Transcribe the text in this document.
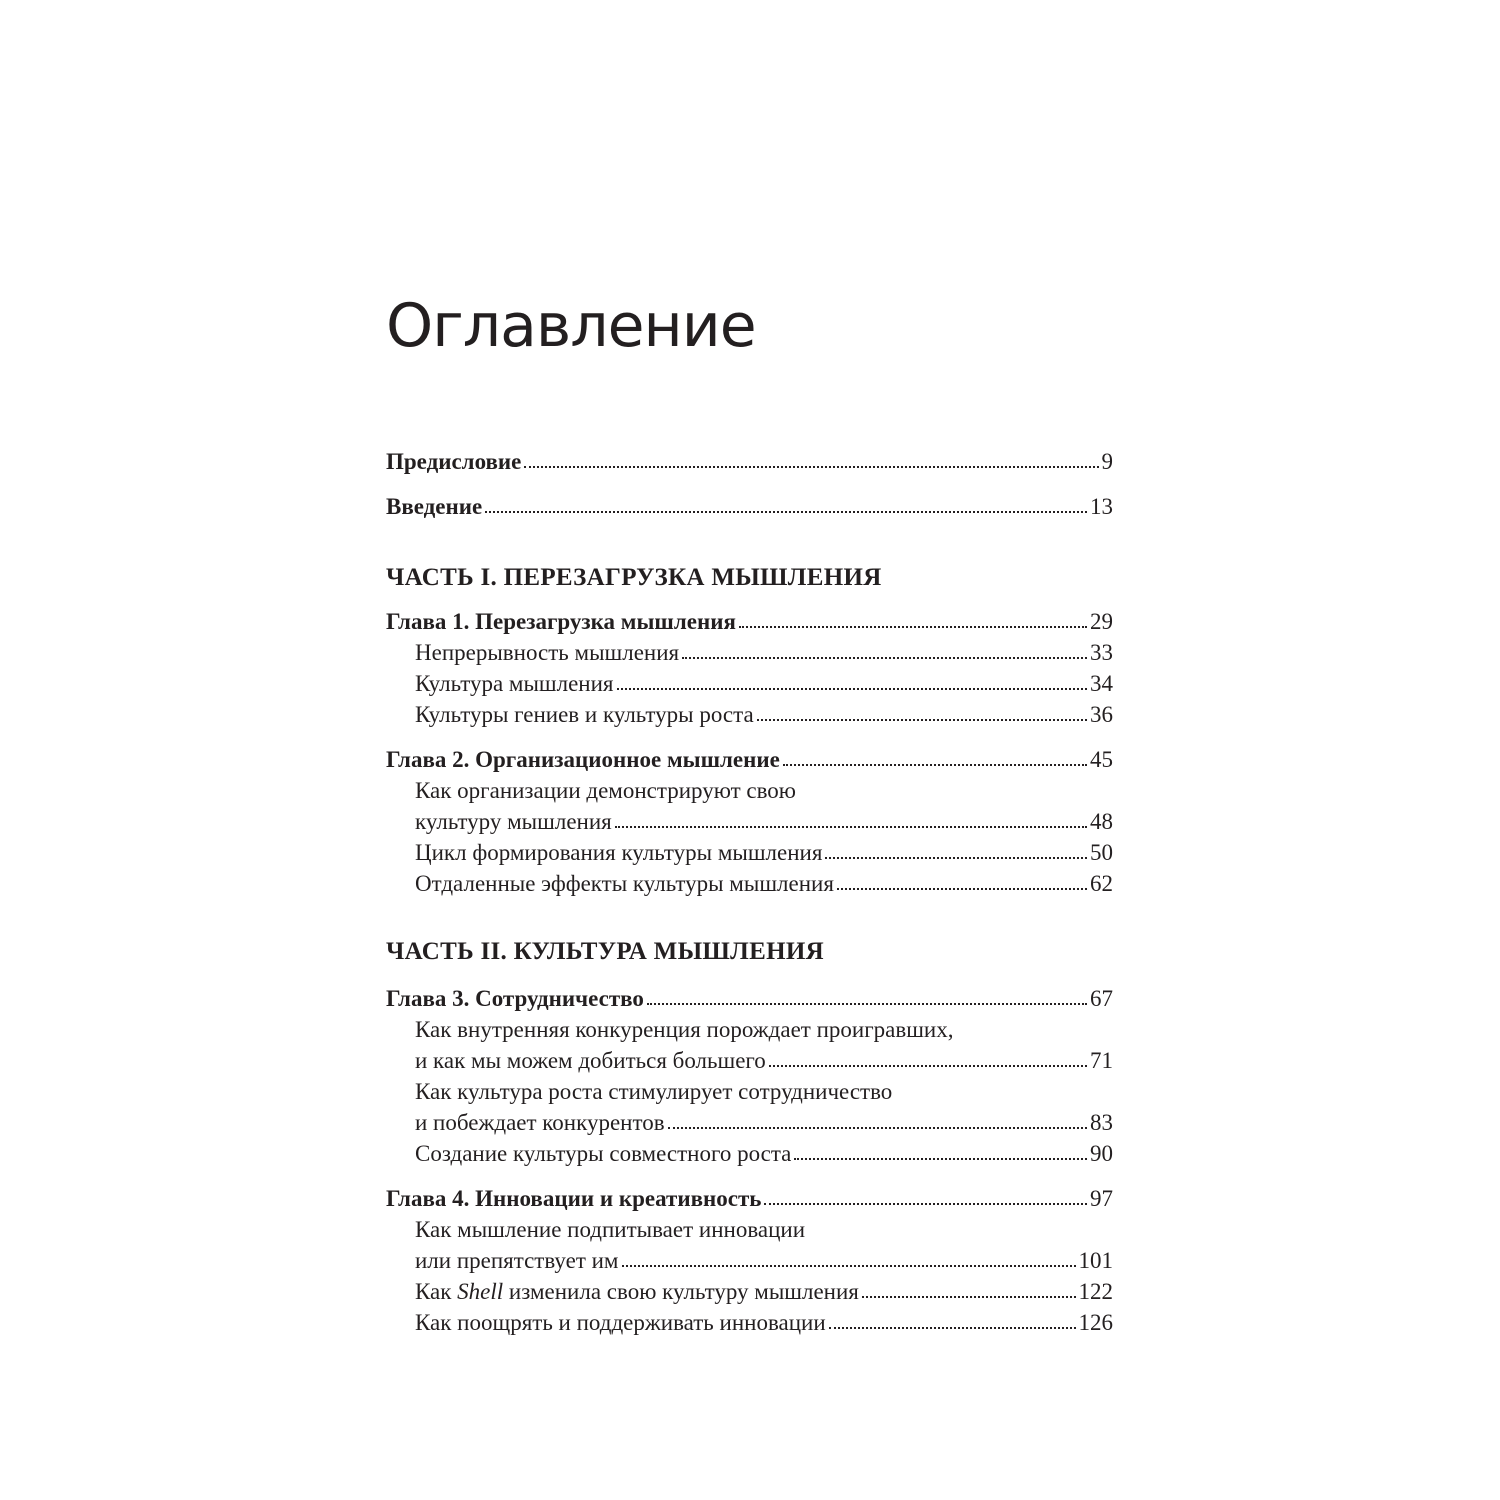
Оглавление
Предисловие	9
Введение	13
ЧАСТЬ I. ПЕРЕЗАГРУЗКА МЫШЛЕНИЯ
Глава 1. Перезагрузка мышления	29
Непрерывность мышления	33
Культура мышления	34
Культуры гениев и культуры роста	36
Глава 2. Организационное мышление	45
Как организации демонстрируют свою
культуру мышления	48
Цикл формирования культуры мышления	50
Отдаленные эффекты культуры мышления	62
ЧАСТЬ II. КУЛЬТУРА МЫШЛЕНИЯ
Глава 3. Сотрудничество	67
Как внутренняя конкуренция порождает проигравших,
и как мы можем добиться большего	71
Как культура роста стимулирует сотрудничество
и побеждает конкурентов	83
Создание культуры совместного роста	90
Глава 4. Инновации и креативность	97
Как мышление подпитывает инновации
или препятствует им	101
Как Shell изменила свою культуру мышления	122
Как поощрять и поддерживать инновации	126
